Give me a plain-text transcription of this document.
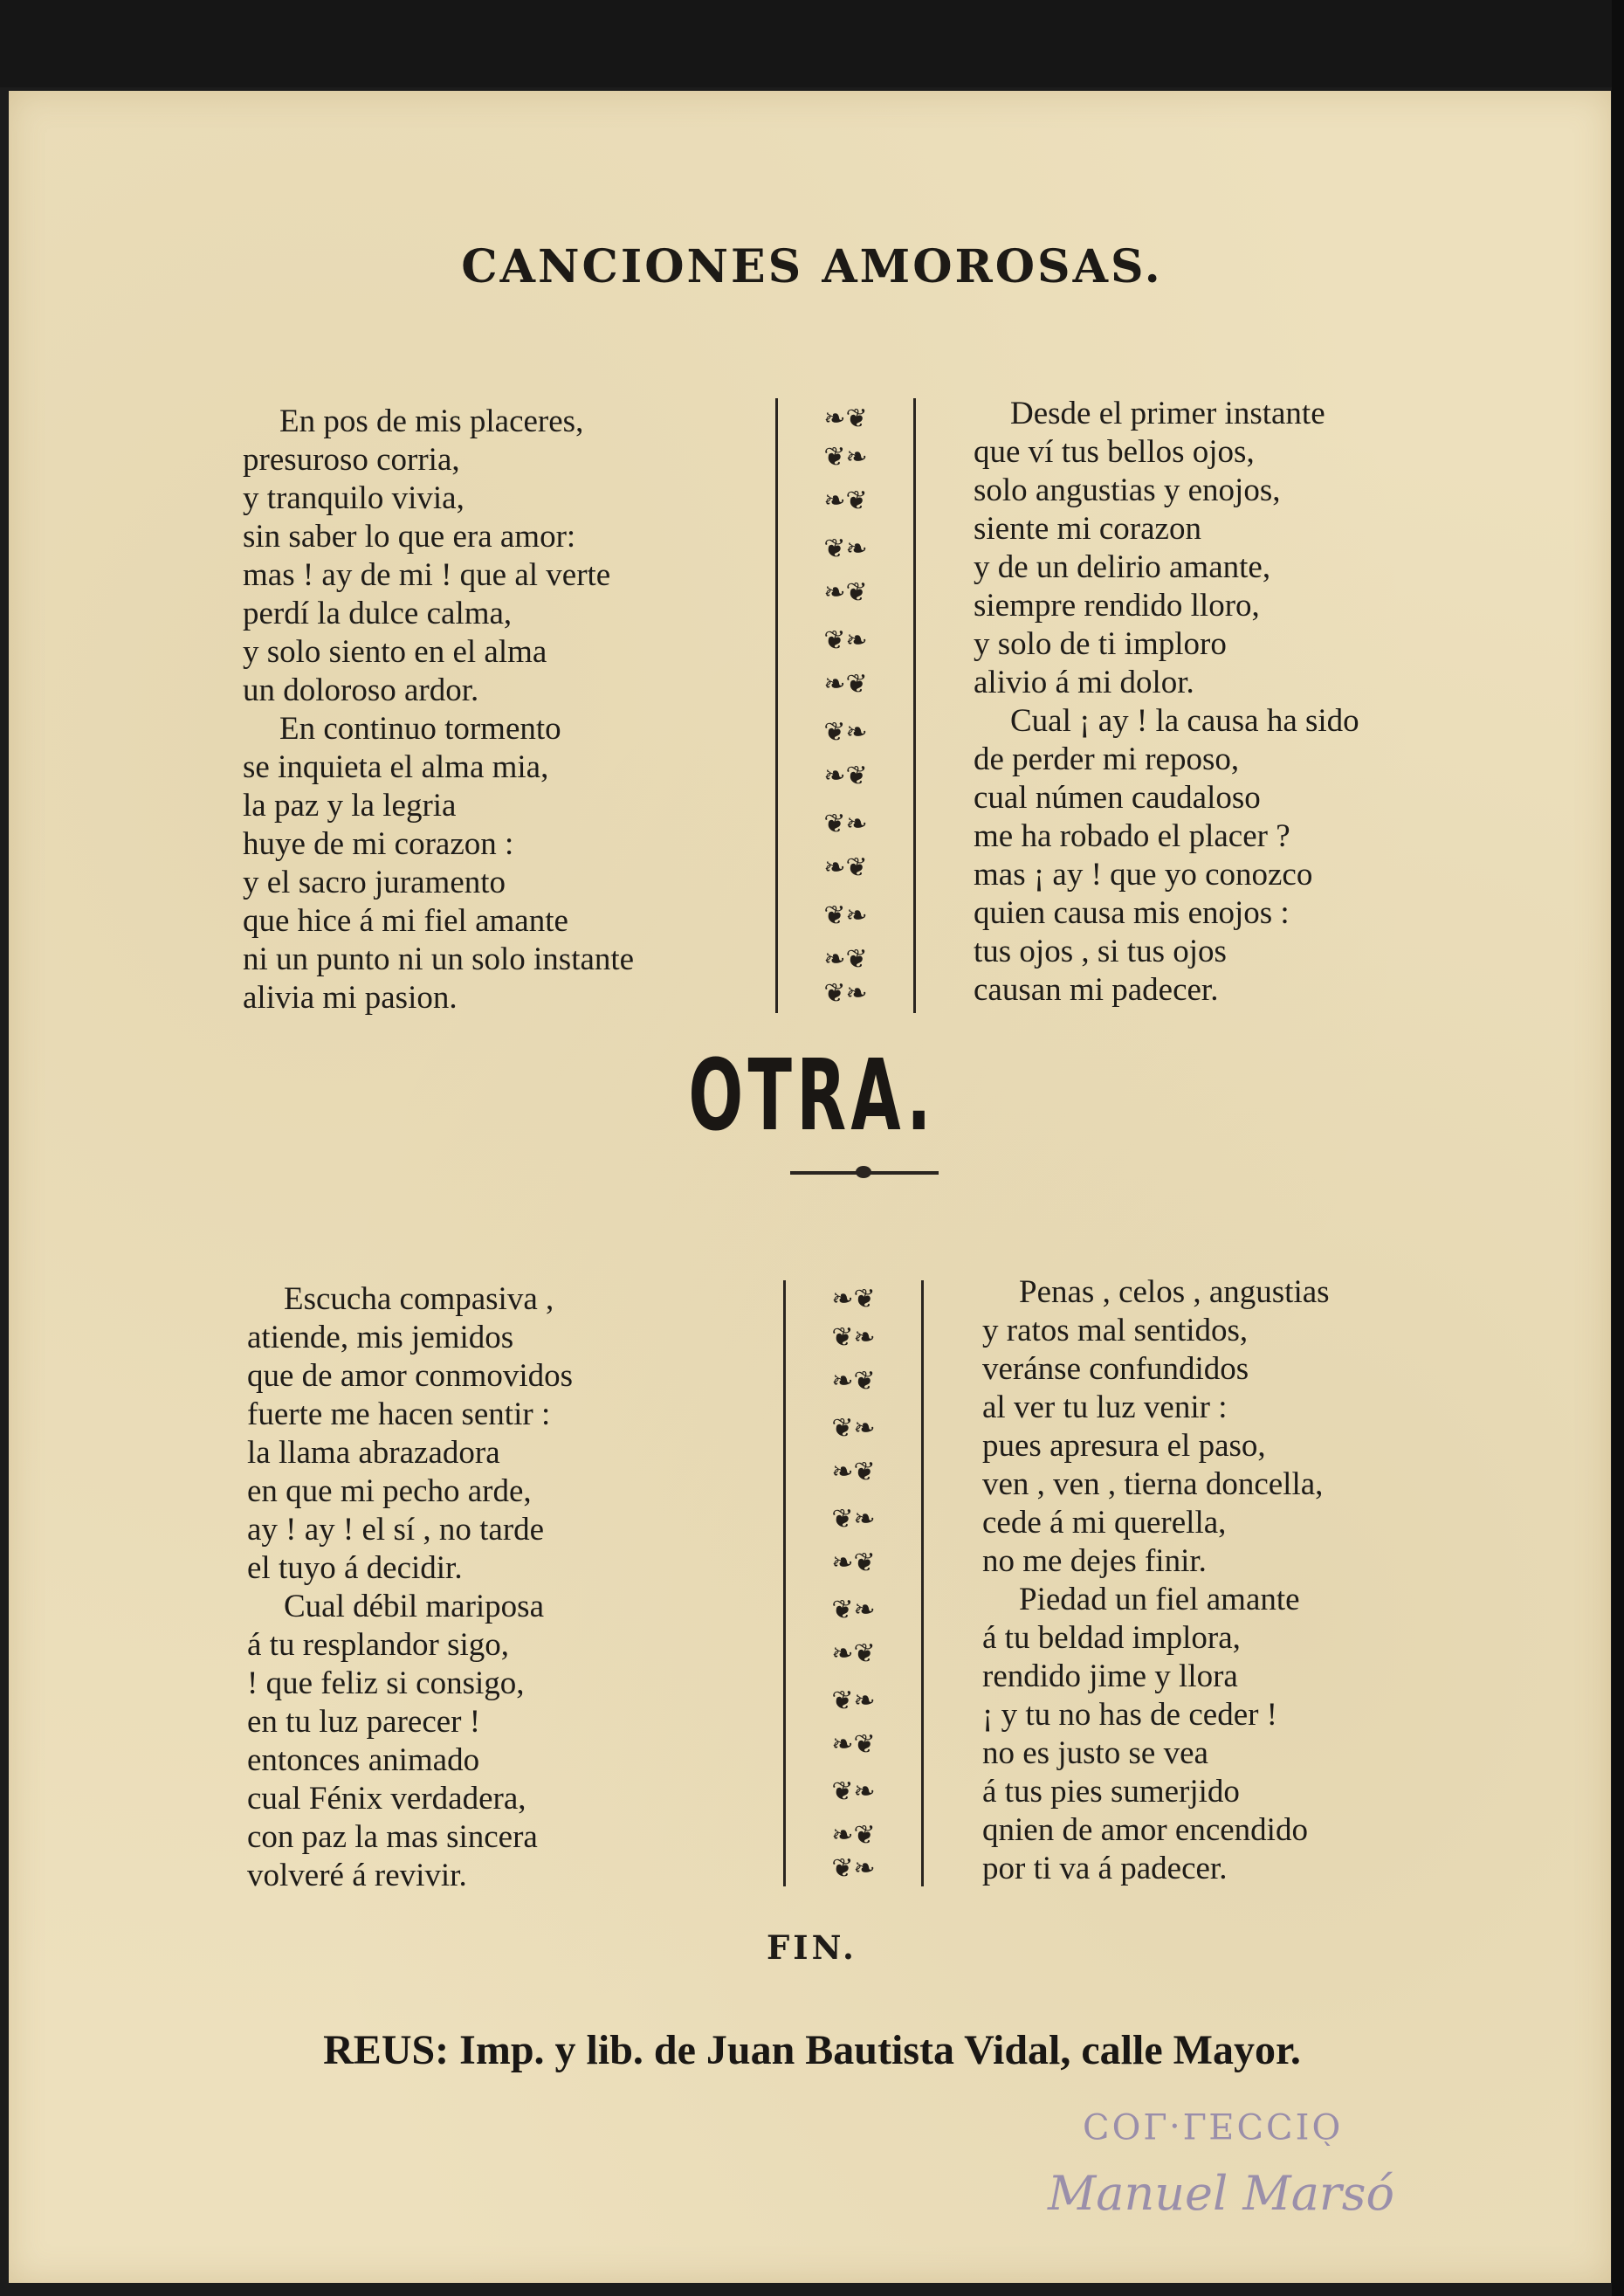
CANCIONES AMOROSAS.
En pos de mis placeres,
presuroso corria,
y tranquilo vivia,
sin saber lo que era amor:
mas ! ay de mi ! que al verte
perdí la dulce calma,
y solo siento en el alma
un doloroso ardor.
En continuo tormento
se inquieta el alma mia,
la paz y la legria
huye de mi corazon :
y el sacro juramento
que hice á mi fiel amante
ni un punto ni un solo instante
alivia mi pasion.
Desde el primer instante
que ví tus bellos ojos,
solo angustias y enojos,
siente mi corazon
y de un delirio amante,
siempre rendido lloro,
y solo de ti imploro
alivio á mi dolor.
Cual ¡ ay ! la causa ha sido
de perder mi reposo,
cual númen caudaloso
me ha robado el placer ?
mas ¡ ay ! que yo conozco
quien causa mis enojos :
tus ojos , si tus ojos
causan mi padecer.
❧❦
❦❧
❧❦
❦❧
❧❦
❦❧
❧❦
❦❧
❧❦
❦❧
❧❦
❦❧
❧❦
❦❧
OTRA.
Escucha compasiva ,
atiende, mis jemidos
que de amor conmovidos
fuerte me hacen sentir :
la llama abrazadora
en que mi pecho arde,
ay ! ay ! el sí , no tarde
el tuyo á decidir.
Cual débil mariposa
á tu resplandor sigo,
! que feliz si consigo,
en tu luz parecer !
entonces animado
cual Fénix verdadera,
con paz la mas sincera
volveré á revivir.
Penas , celos , angustias
y ratos mal sentidos,
veránse confundidos
al ver tu luz venir :
pues apresura el paso,
ven , ven , tierna doncella,
cede á mi querella,
no me dejes finir.
Piedad un fiel amante
á tu beldad implora,
rendido jime y llora
¡ y tu no has de ceder !
no es justo se vea
á tus pies sumerjido
qnien de amor encendido
por ti va á padecer.
❧❦
❦❧
❧❦
❦❧
❧❦
❦❧
❧❦
❦❧
❧❦
❦❧
❧❦
❦❧
❧❦
❦❧
FIN.
REUS: Imp. y lib. de Juan Bautista Vidal, calle Mayor.
COL·LECCIÓ
Manuel Marsó
